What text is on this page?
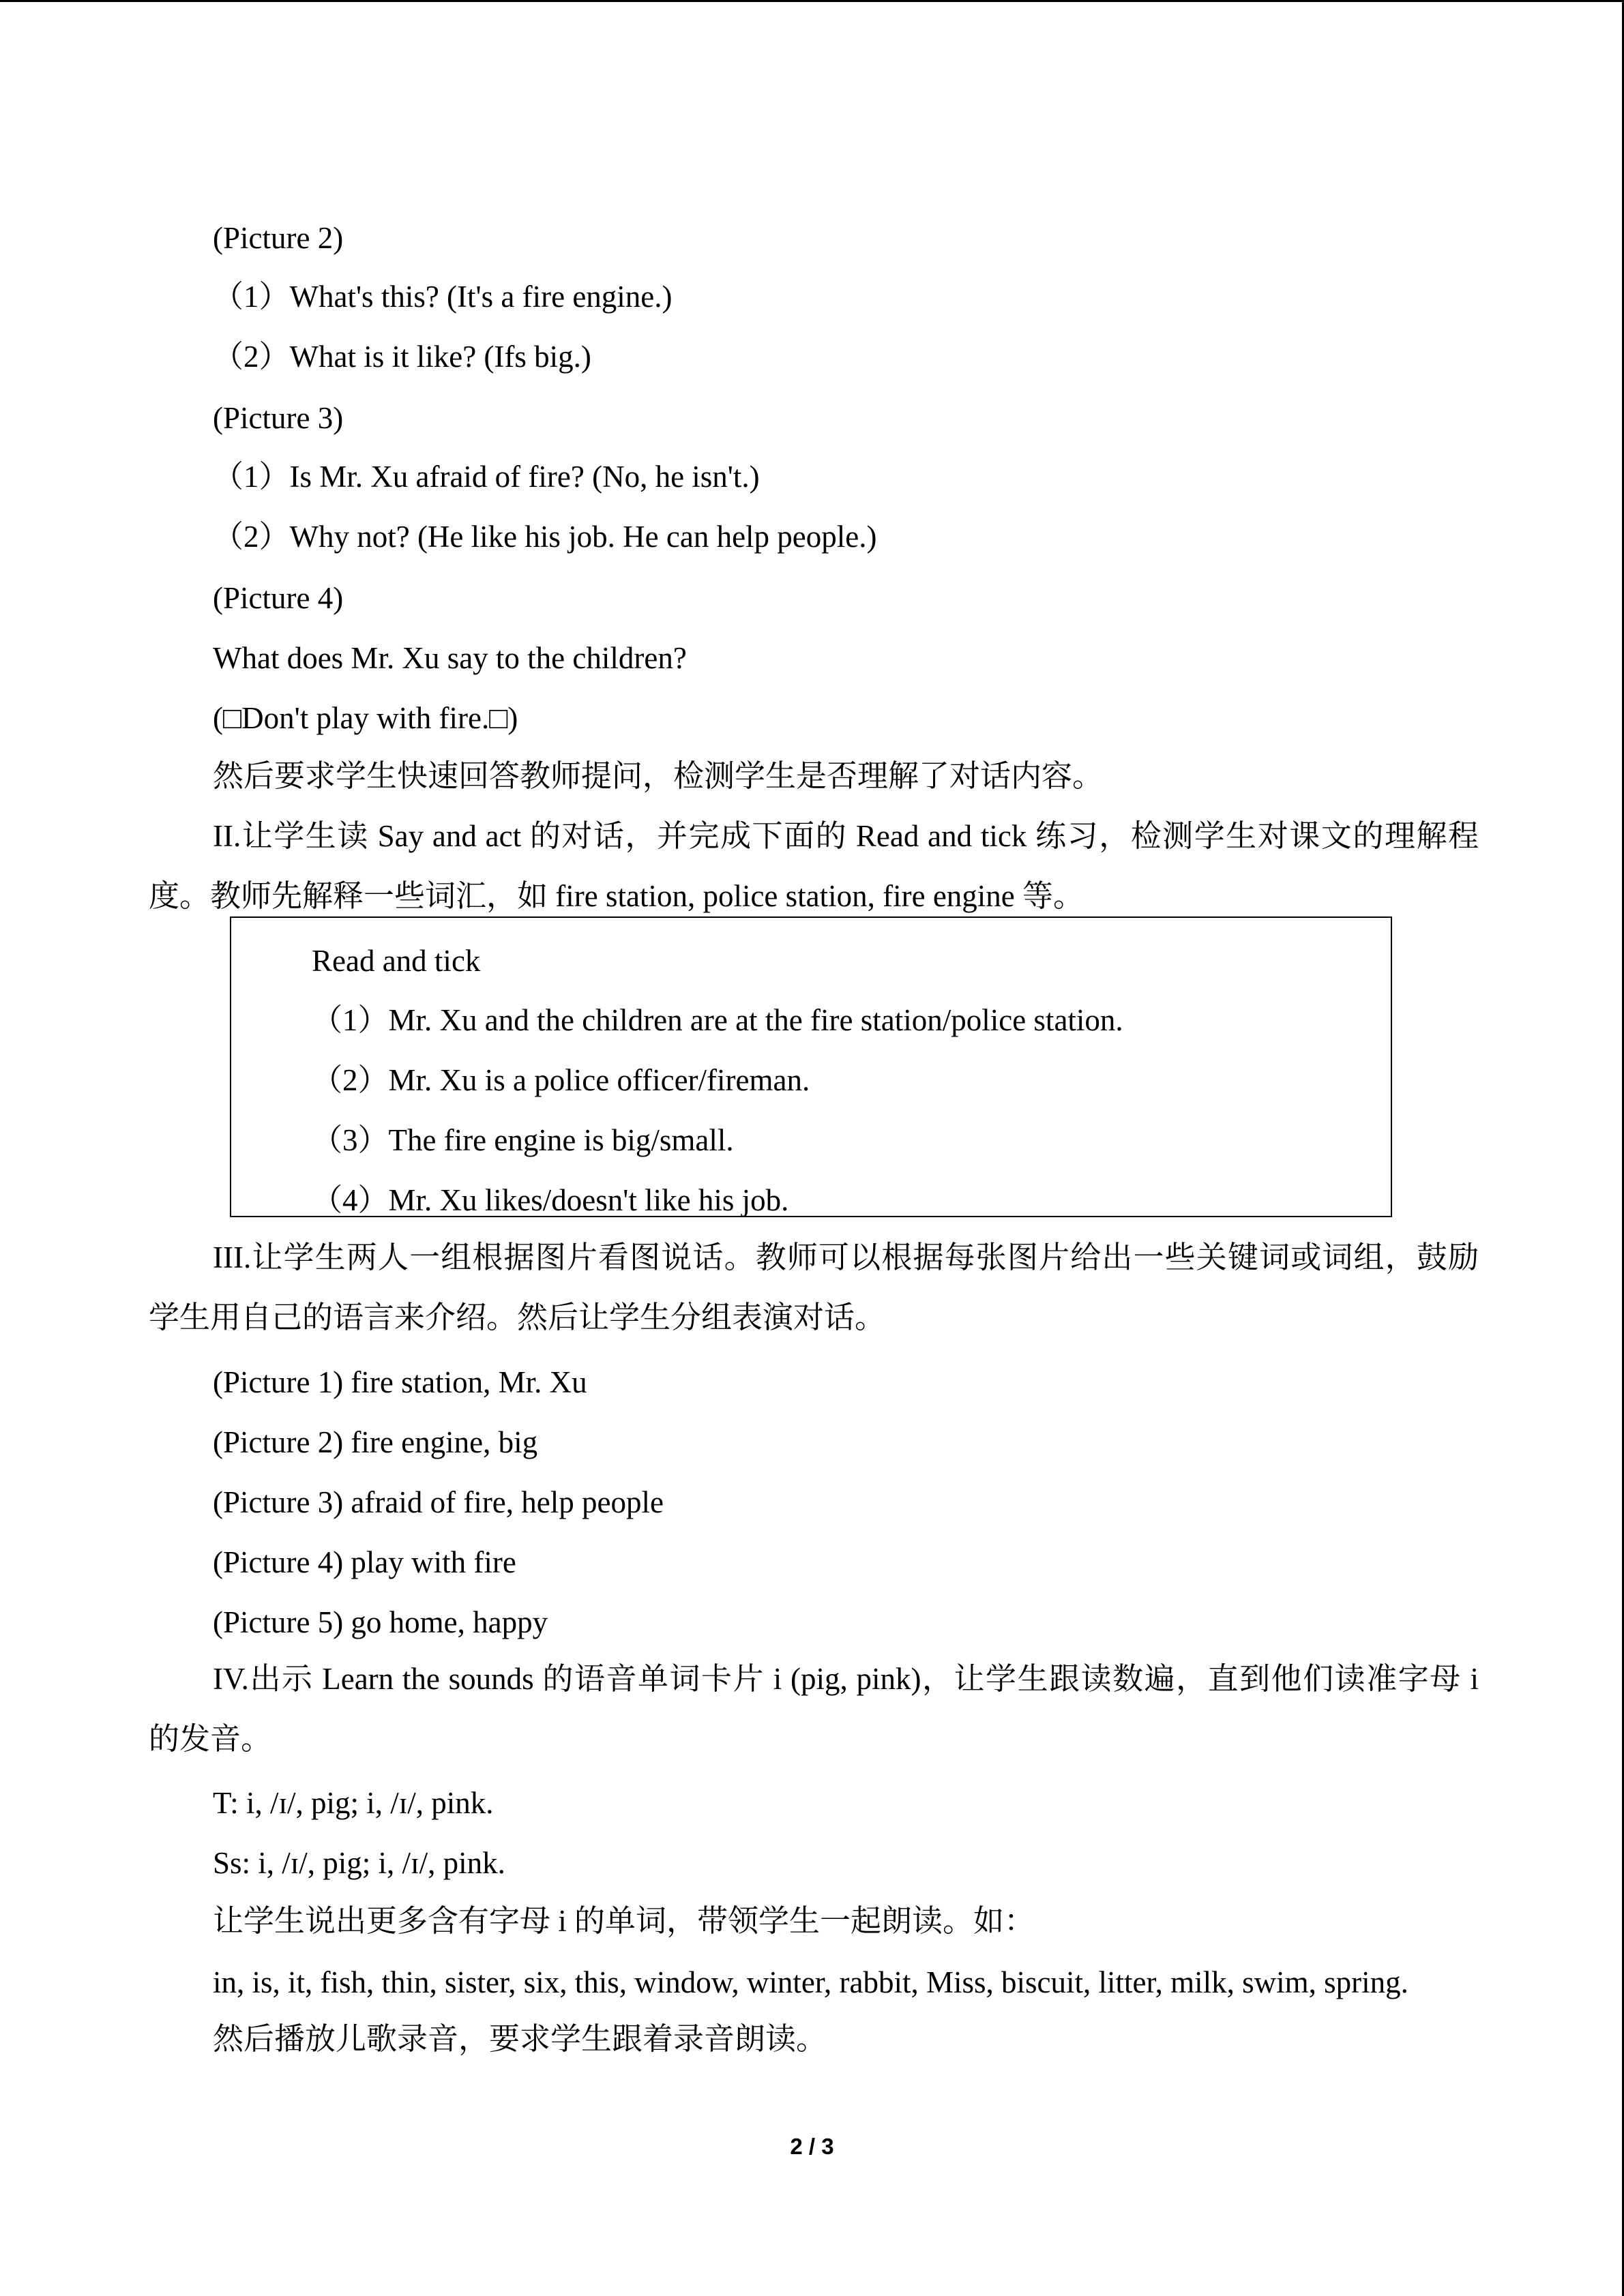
(Picture 2)
（1）What's this? (It's a fire engine.)
（2）What is it like? (Ifs big.)
(Picture 3)
（1）Is Mr. Xu afraid of fire? (No, he isn't.)
（2）Why not? (He like his job. He can help people.)
(Picture 4)
What does Mr. Xu say to the children?
(□Don't play with fire.□)
然后要求学生快速回答教师提问，检测学生是否理解了对话内容。
II.让学生读 Say and act 的对话，并完成下面的 Read and tick 练习，检测学生对课文的理解程度。教师先解释一些词汇，如 fire station, police station, fire engine 等。
Read and tick
（1）Mr. Xu and the children are at the fire station/police station.
（2）Mr. Xu is a police officer/fireman.
（3）The fire engine is big/small.
（4）Mr. Xu likes/doesn't like his job.
III.让学生两人一组根据图片看图说话。教师可以根据每张图片给出一些关键词或词组，鼓励学生用自己的语言来介绍。然后让学生分组表演对话。
(Picture 1) fire station, Mr. Xu
(Picture 2) fire engine, big
(Picture 3) afraid of fire, help people
(Picture 4) play with fire
(Picture 5) go home, happy
IV.出示 Learn the sounds 的语音单词卡片 i (pig, pink)，让学生跟读数遍，直到他们读准字母 i 的发音。
T: i, /ɪ/, pig; i, /ɪ/, pink.
Ss: i, /ɪ/, pig; i, /ɪ/, pink.
让学生说出更多含有字母 i 的单词，带领学生一起朗读。如：
in, is, it, fish, thin, sister, six, this, window, winter, rabbit, Miss, biscuit, litter, milk, swim, spring.
然后播放儿歌录音，要求学生跟着录音朗读。
2 / 3
